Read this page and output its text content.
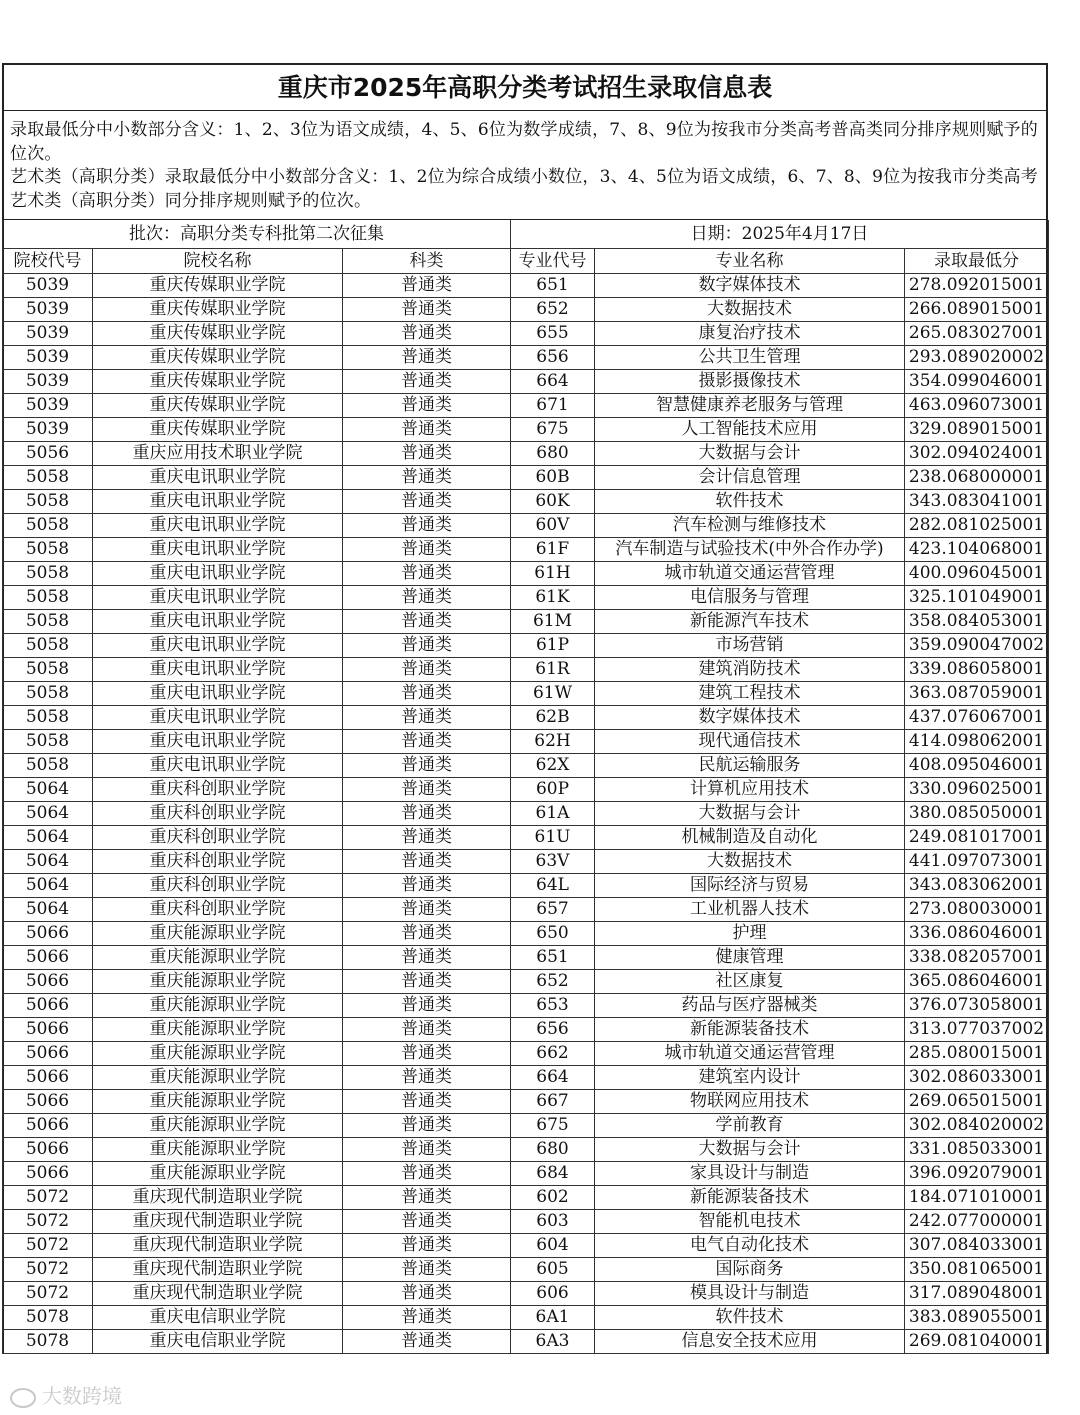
重庆市2025年高职分类考试招生录取信息表

录取最低分中小数部分含义：1、2、3位为语文成绩，4、5、6位为数学成绩，7、8、9位为按我市分类高考普高类同分排序规则赋予的位次。

艺术类（高职分类）录取最低分中小数部分含义：1、2位为综合成绩小数位，3、4、5位为语文成绩，6、7、8、9位为按我市分类高考艺术类（高职分类）同分排序规则赋予的位次。

批次：高职分类专科批第二次征集			日期：2025年4月17日		
院校代号	院校名称	科类	专业代号	专业名称	录取最低分
5039	重庆传媒职业学院	普通类	651	数字媒体技术	278.092015001
5039	重庆传媒职业学院	普通类	652	大数据技术	266.089015001
5039	重庆传媒职业学院	普通类	655	康复治疗技术	265.083027001
5039	重庆传媒职业学院	普通类	656	公共卫生管理	293.089020002
5039	重庆传媒职业学院	普通类	664	摄影摄像技术	354.099046001
5039	重庆传媒职业学院	普通类	671	智慧健康养老服务与管理	463.096073001
5039	重庆传媒职业学院	普通类	675	人工智能技术应用	329.089015001
5056	重庆应用技术职业学院	普通类	680	大数据与会计	302.094024001
5058	重庆电讯职业学院	普通类	60B	会计信息管理	238.068000001
5058	重庆电讯职业学院	普通类	60K	软件技术	343.083041001
5058	重庆电讯职业学院	普通类	60V	汽车检测与维修技术	282.081025001
5058	重庆电讯职业学院	普通类	61F	汽车制造与试验技术(中外合作办学)	423.104068001
5058	重庆电讯职业学院	普通类	61H	城市轨道交通运营管理	400.096045001
5058	重庆电讯职业学院	普通类	61K	电信服务与管理	325.101049001
5058	重庆电讯职业学院	普通类	61M	新能源汽车技术	358.084053001
5058	重庆电讯职业学院	普通类	61P	市场营销	359.090047002
5058	重庆电讯职业学院	普通类	61R	建筑消防技术	339.086058001
5058	重庆电讯职业学院	普通类	61W	建筑工程技术	363.087059001
5058	重庆电讯职业学院	普通类	62B	数字媒体技术	437.076067001
5058	重庆电讯职业学院	普通类	62H	现代通信技术	414.098062001
5058	重庆电讯职业学院	普通类	62X	民航运输服务	408.095046001
5064	重庆科创职业学院	普通类	60P	计算机应用技术	330.096025001
5064	重庆科创职业学院	普通类	61A	大数据与会计	380.085050001
5064	重庆科创职业学院	普通类	61U	机械制造及自动化	249.081017001
5064	重庆科创职业学院	普通类	63V	大数据技术	441.097073001
5064	重庆科创职业学院	普通类	64L	国际经济与贸易	343.083062001
5064	重庆科创职业学院	普通类	657	工业机器人技术	273.080030001
5066	重庆能源职业学院	普通类	650	护理	336.086046001
5066	重庆能源职业学院	普通类	651	健康管理	338.082057001
5066	重庆能源职业学院	普通类	652	社区康复	365.086046001
5066	重庆能源职业学院	普通类	653	药品与医疗器械类	376.073058001
5066	重庆能源职业学院	普通类	656	新能源装备技术	313.077037002
5066	重庆能源职业学院	普通类	662	城市轨道交通运营管理	285.080015001
5066	重庆能源职业学院	普通类	664	建筑室内设计	302.086033001
5066	重庆能源职业学院	普通类	667	物联网应用技术	269.065015001
5066	重庆能源职业学院	普通类	675	学前教育	302.084020002
5066	重庆能源职业学院	普通类	680	大数据与会计	331.085033001
5066	重庆能源职业学院	普通类	684	家具设计与制造	396.092079001
5072	重庆现代制造职业学院	普通类	602	新能源装备技术	184.071010001
5072	重庆现代制造职业学院	普通类	603	智能机电技术	242.077000001
5072	重庆现代制造职业学院	普通类	604	电气自动化技术	307.084033001
5072	重庆现代制造职业学院	普通类	605	国际商务	350.081065001
5072	重庆现代制造职业学院	普通类	606	模具设计与制造	317.089048001
5078	重庆电信职业学院	普通类	6A1	软件技术	383.089055001
5078	重庆电信职业学院	普通类	6A3	信息安全技术应用	269.081040001
大数跨境
